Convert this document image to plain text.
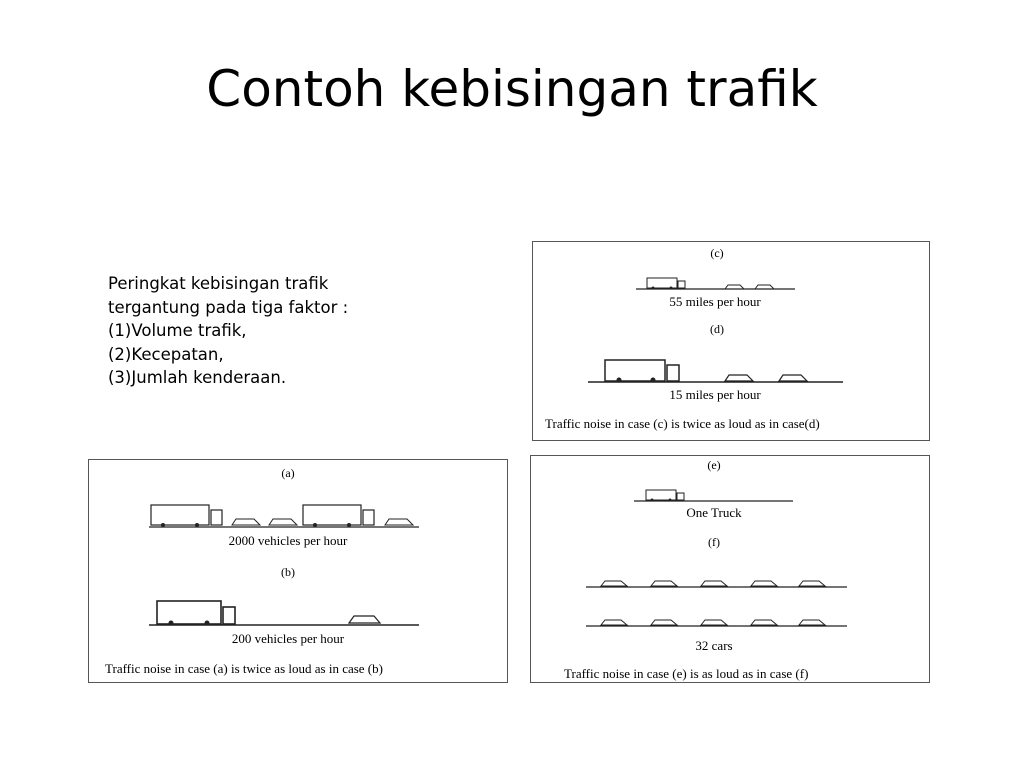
Contoh kebisingan trafik
Peringkat kebisingan trafik
tergantung pada tiga faktor :
(1)Volume trafik,
(2)Kecepatan,
(3)Jumlah kenderaan.
(c)
55 miles per hour
(d)
15 miles per hour
Traffic noise in case (c) is twice as loud as in case(d)
(a)
2000 vehicles per hour
(b)
200 vehicles per hour
Traffic noise in case (a) is twice as loud as in case (b)
(e)
One Truck
(f)
32 cars
Traffic noise in case (e) is as loud as in case (f)
